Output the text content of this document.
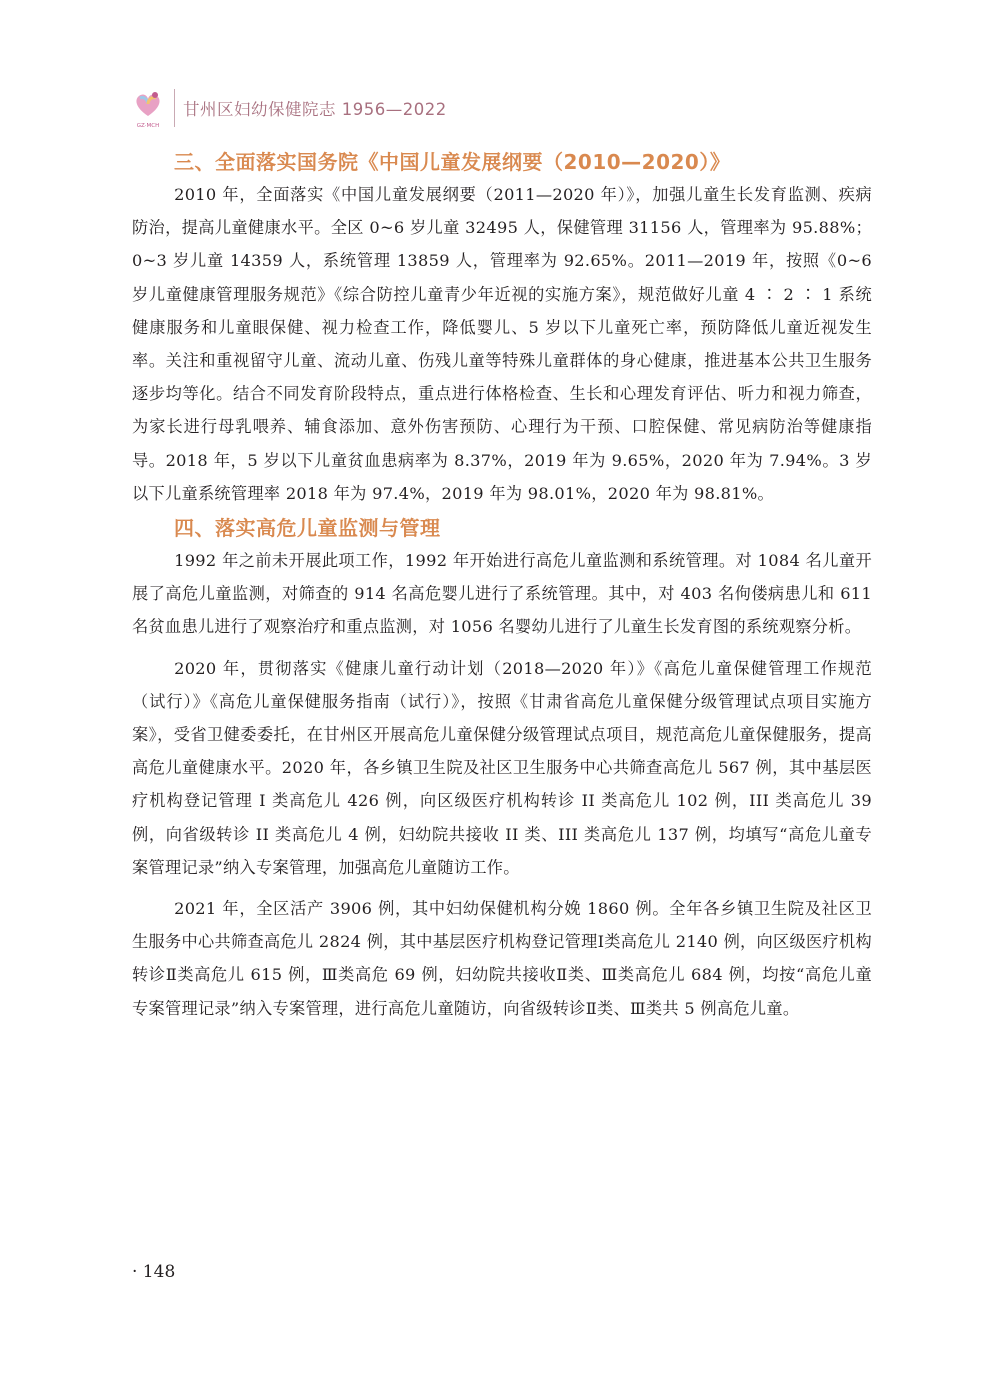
GZ·MCH
甘州区妇幼保健院志 1956—2022
三、全面落实国务院《中国儿童发展纲要（2010—2020）》

2010 年，全面落实《中国儿童发展纲要（2011—2020 年）》，加强儿童生长发育监测、疾病防治，提高儿童健康水平。全区 0~6 岁儿童 32495 人，保健管理 31156 人，管理率为 95.88%；0~3 岁儿童 14359 人，系统管理 13859 人，管理率为 92.65%。2011—2019 年，按照《0~6 岁儿童健康管理服务规范》《综合防控儿童青少年近视的实施方案》，规范做好儿童 4 ∶ 2 ∶ 1 系统健康服务和儿童眼保健、视力检查工作，降低婴儿、5 岁以下儿童死亡率，预防降低儿童近视发生率。关注和重视留守儿童、流动儿童、伤残儿童等特殊儿童群体的身心健康，推进基本公共卫生服务逐步均等化。结合不同发育阶段特点，重点进行体格检查、生长和心理发育评估、听力和视力筛查，为家长进行母乳喂养、辅食添加、意外伤害预防、心理行为干预、口腔保健、常见病防治等健康指导。2018 年，5 岁以下儿童贫血患病率为 8.37%，2019 年为 9.65%，2020 年为 7.94%。3 岁以下儿童系统管理率 2018 年为 97.4%，2019 年为 98.01%，2020 年为 98.81%。

四、落实高危儿童监测与管理

1992 年之前未开展此项工作，1992 年开始进行高危儿童监测和系统管理。对 1084 名儿童开展了高危儿童监测，对筛查的 914 名高危婴儿进行了系统管理。其中，对 403 名佝偻病患儿和 611 名贫血患儿进行了观察治疗和重点监测，对 1056 名婴幼儿进行了儿童生长发育图的系统观察分析。

2020 年，贯彻落实《健康儿童行动计划（2018—2020 年）》《高危儿童保健管理工作规范（试行）》《高危儿童保健服务指南（试行）》，按照《甘肃省高危儿童保健分级管理试点项目实施方案》，受省卫健委委托，在甘州区开展高危儿童保健分级管理试点项目，规范高危儿童保健服务，提高高危儿童健康水平。2020 年，各乡镇卫生院及社区卫生服务中心共筛查高危儿 567 例，其中基层医疗机构登记管理 I 类高危儿 426 例，向区级医疗机构转诊 II 类高危儿 102 例，III 类高危儿 39 例，向省级转诊 II 类高危儿 4 例，妇幼院共接收 II 类、III 类高危儿 137 例，均填写“高危儿童专案管理记录”纳入专案管理，加强高危儿童随访工作。

2021 年，全区活产 3906 例，其中妇幼保健机构分娩 1860 例。全年各乡镇卫生院及社区卫生服务中心共筛查高危儿 2824 例，其中基层医疗机构登记管理Ⅰ类高危儿 2140 例，向区级医疗机构转诊Ⅱ类高危儿 615 例，Ⅲ类高危 69 例，妇幼院共接收Ⅱ类、Ⅲ类高危儿 684 例，均按“高危儿童专案管理记录”纳入专案管理，进行高危儿童随访，向省级转诊Ⅱ类、Ⅲ类共 5 例高危儿童。

· 148
